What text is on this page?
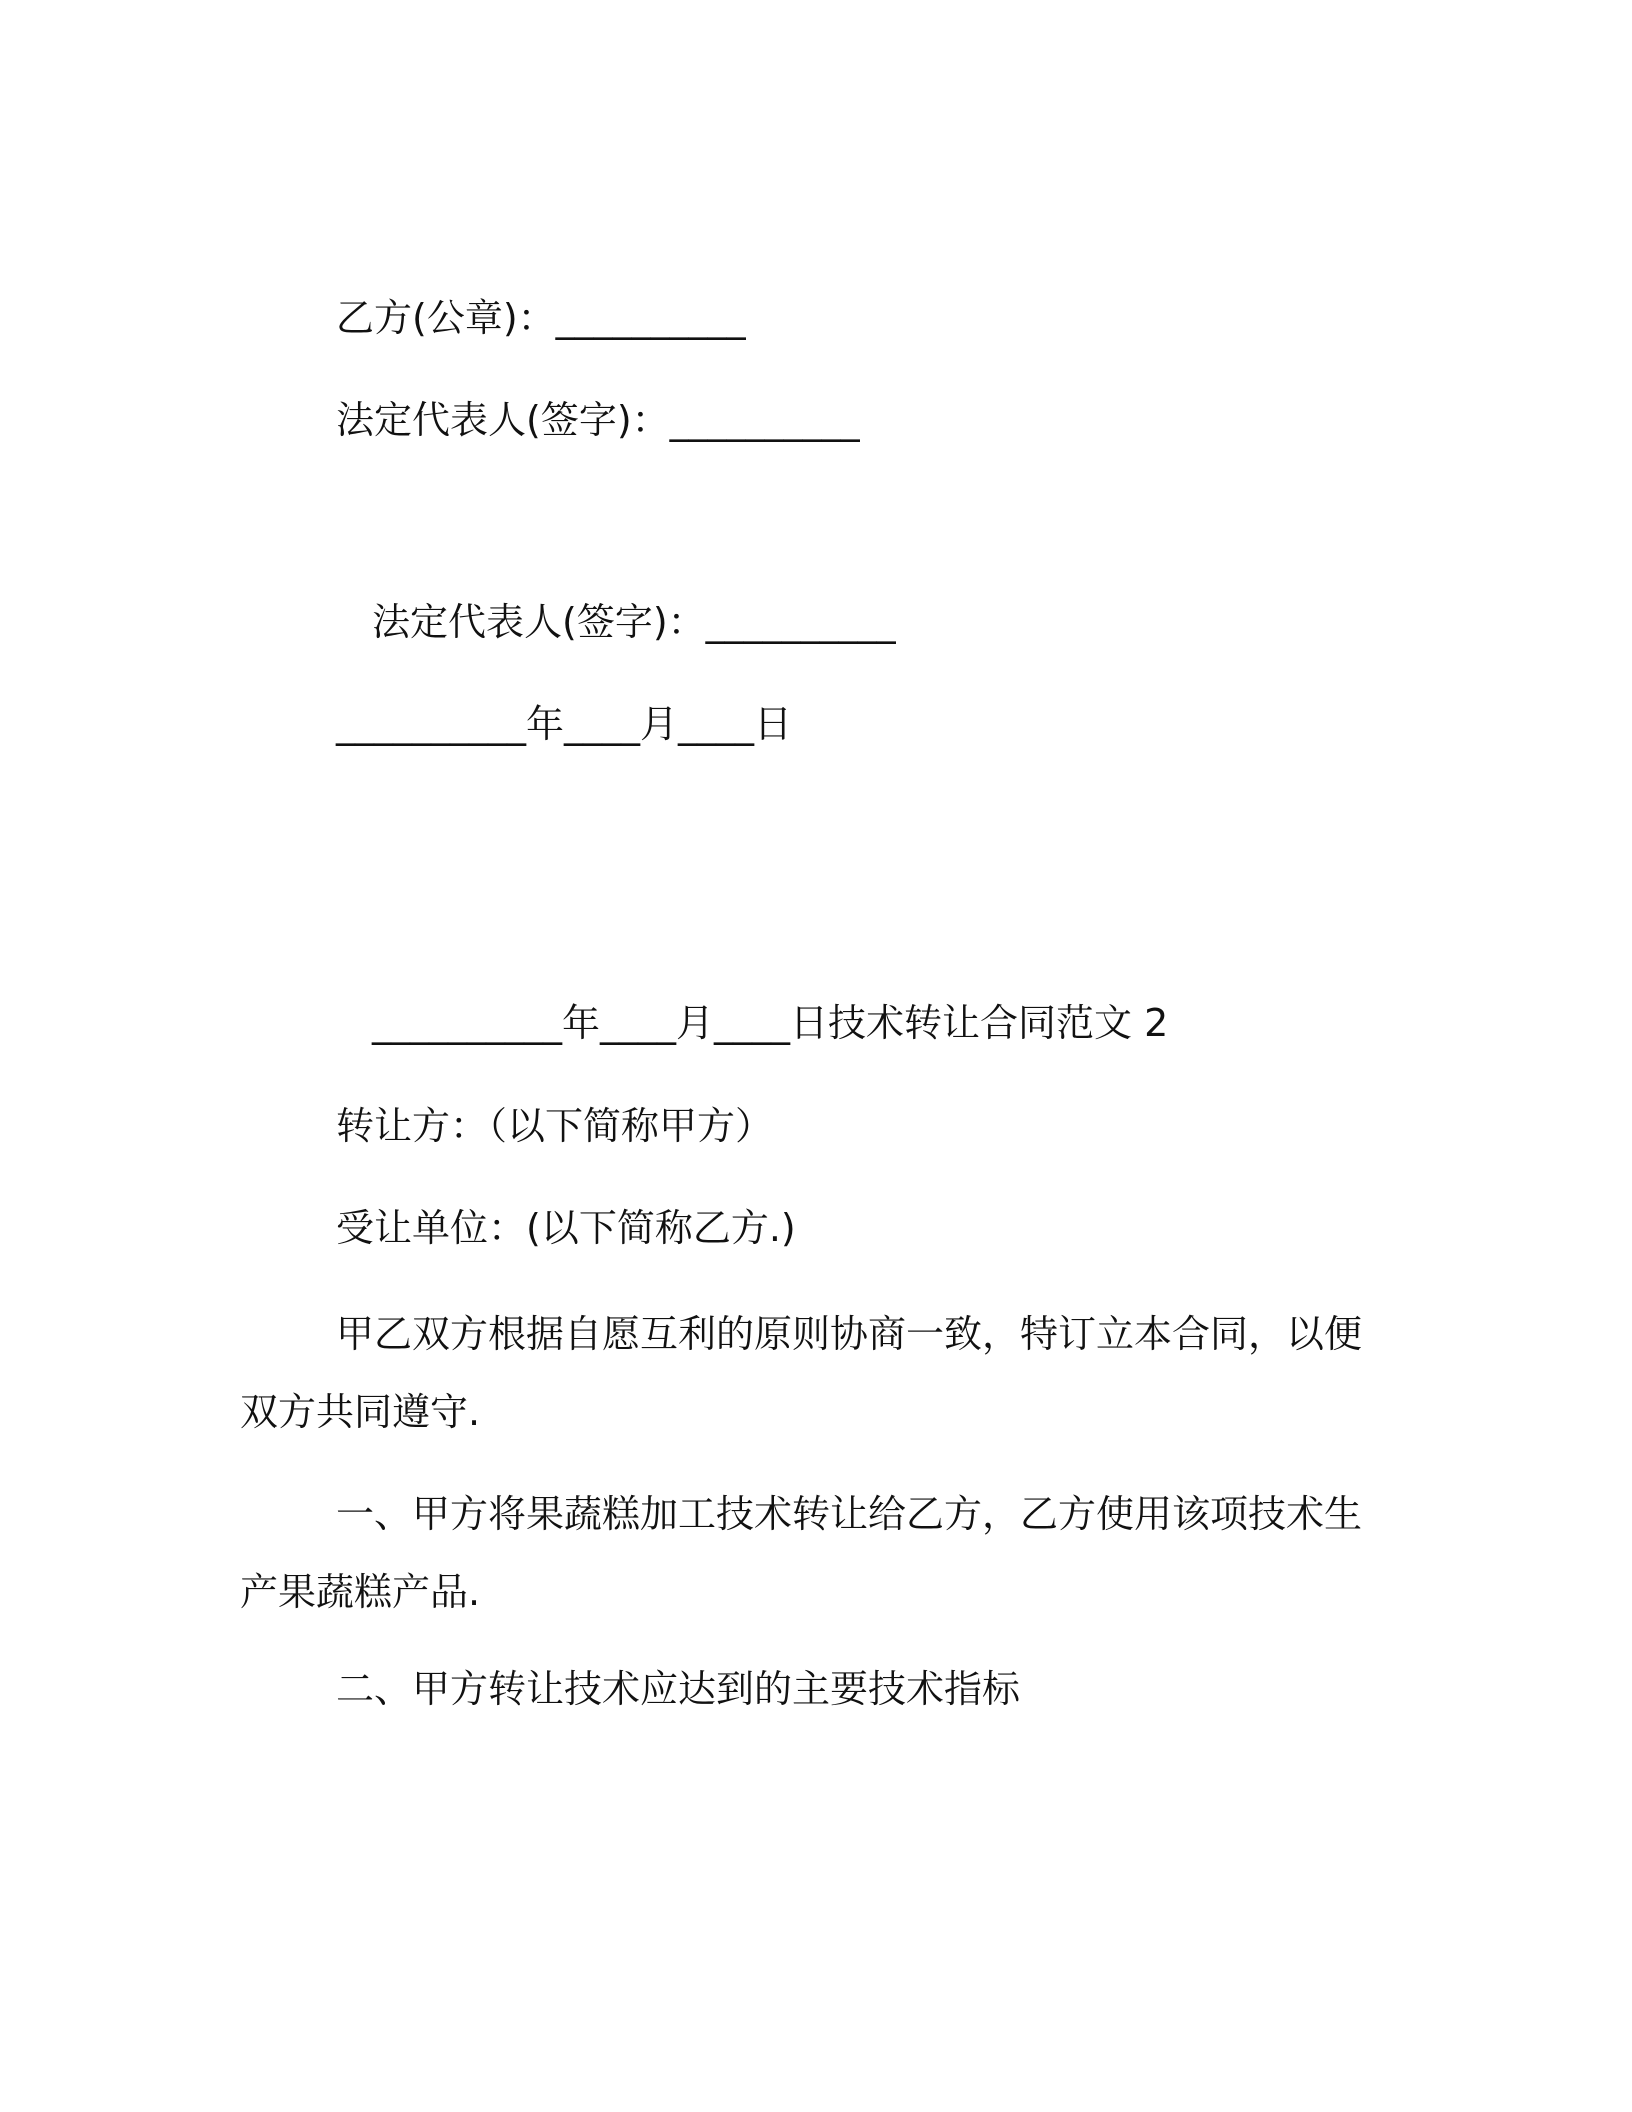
乙方(公章)：__________
法定代表人(签字)：__________
法定代表人(签字)：__________
__________年____月____日
__________年____月____日技术转让合同范文 2
转让方：（以下简称甲方）
受让单位：(以下简称乙方.)
甲乙双方根据自愿互利的原则协商一致，特订立本合同，以便双方共同遵守.
一、甲方将果蔬糕加工技术转让给乙方，乙方使用该项技术生产果蔬糕产品.
二、甲方转让技术应达到的主要技术指标
